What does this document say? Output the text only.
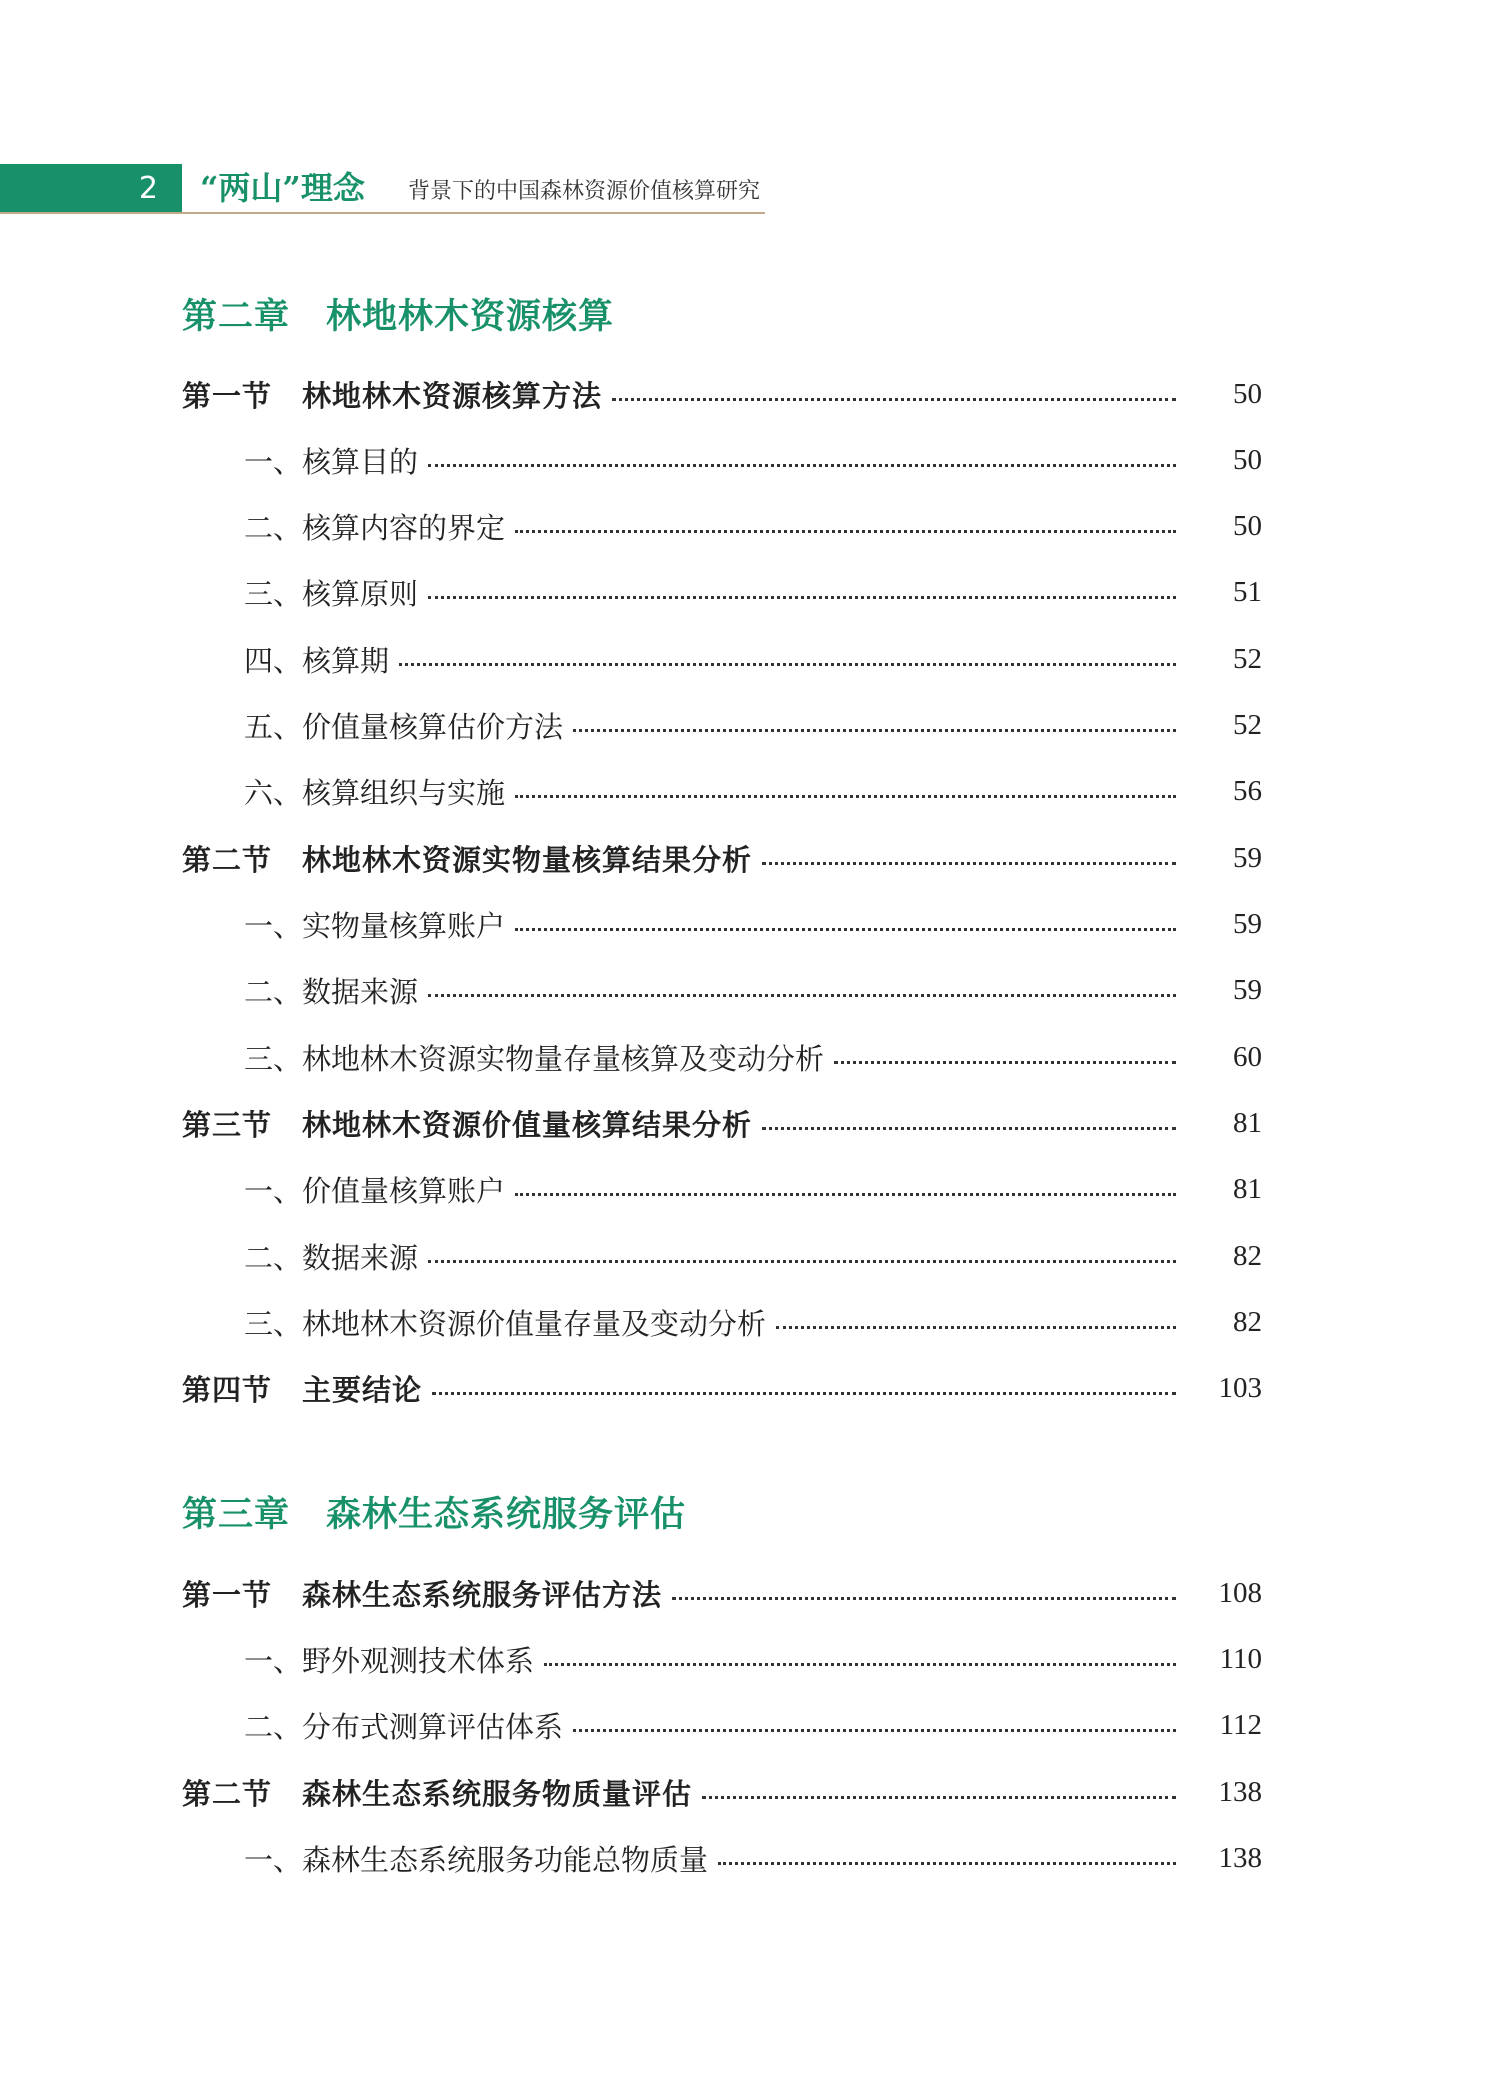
2	“两山”理念 背景下的中国森林资源价值核算研究
第二章　林地林木资源核算
第一节　林地林木资源核算方法	50
一、核算目的	50
二、核算内容的界定	50
三、核算原则	51
四、核算期	52
五、价值量核算估价方法	52
六、核算组织与实施	56
第二节　林地林木资源实物量核算结果分析	59
一、实物量核算账户	59
二、数据来源	59
三、林地林木资源实物量存量核算及变动分析	60
第三节　林地林木资源价值量核算结果分析	81
一、价值量核算账户	81
二、数据来源	82
三、林地林木资源价值量存量及变动分析	82
第四节　主要结论	103
第三章　森林生态系统服务评估
第一节　森林生态系统服务评估方法	108
一、野外观测技术体系	110
二、分布式测算评估体系	112
第二节　森林生态系统服务物质量评估	138
一、森林生态系统服务功能总物质量	138
